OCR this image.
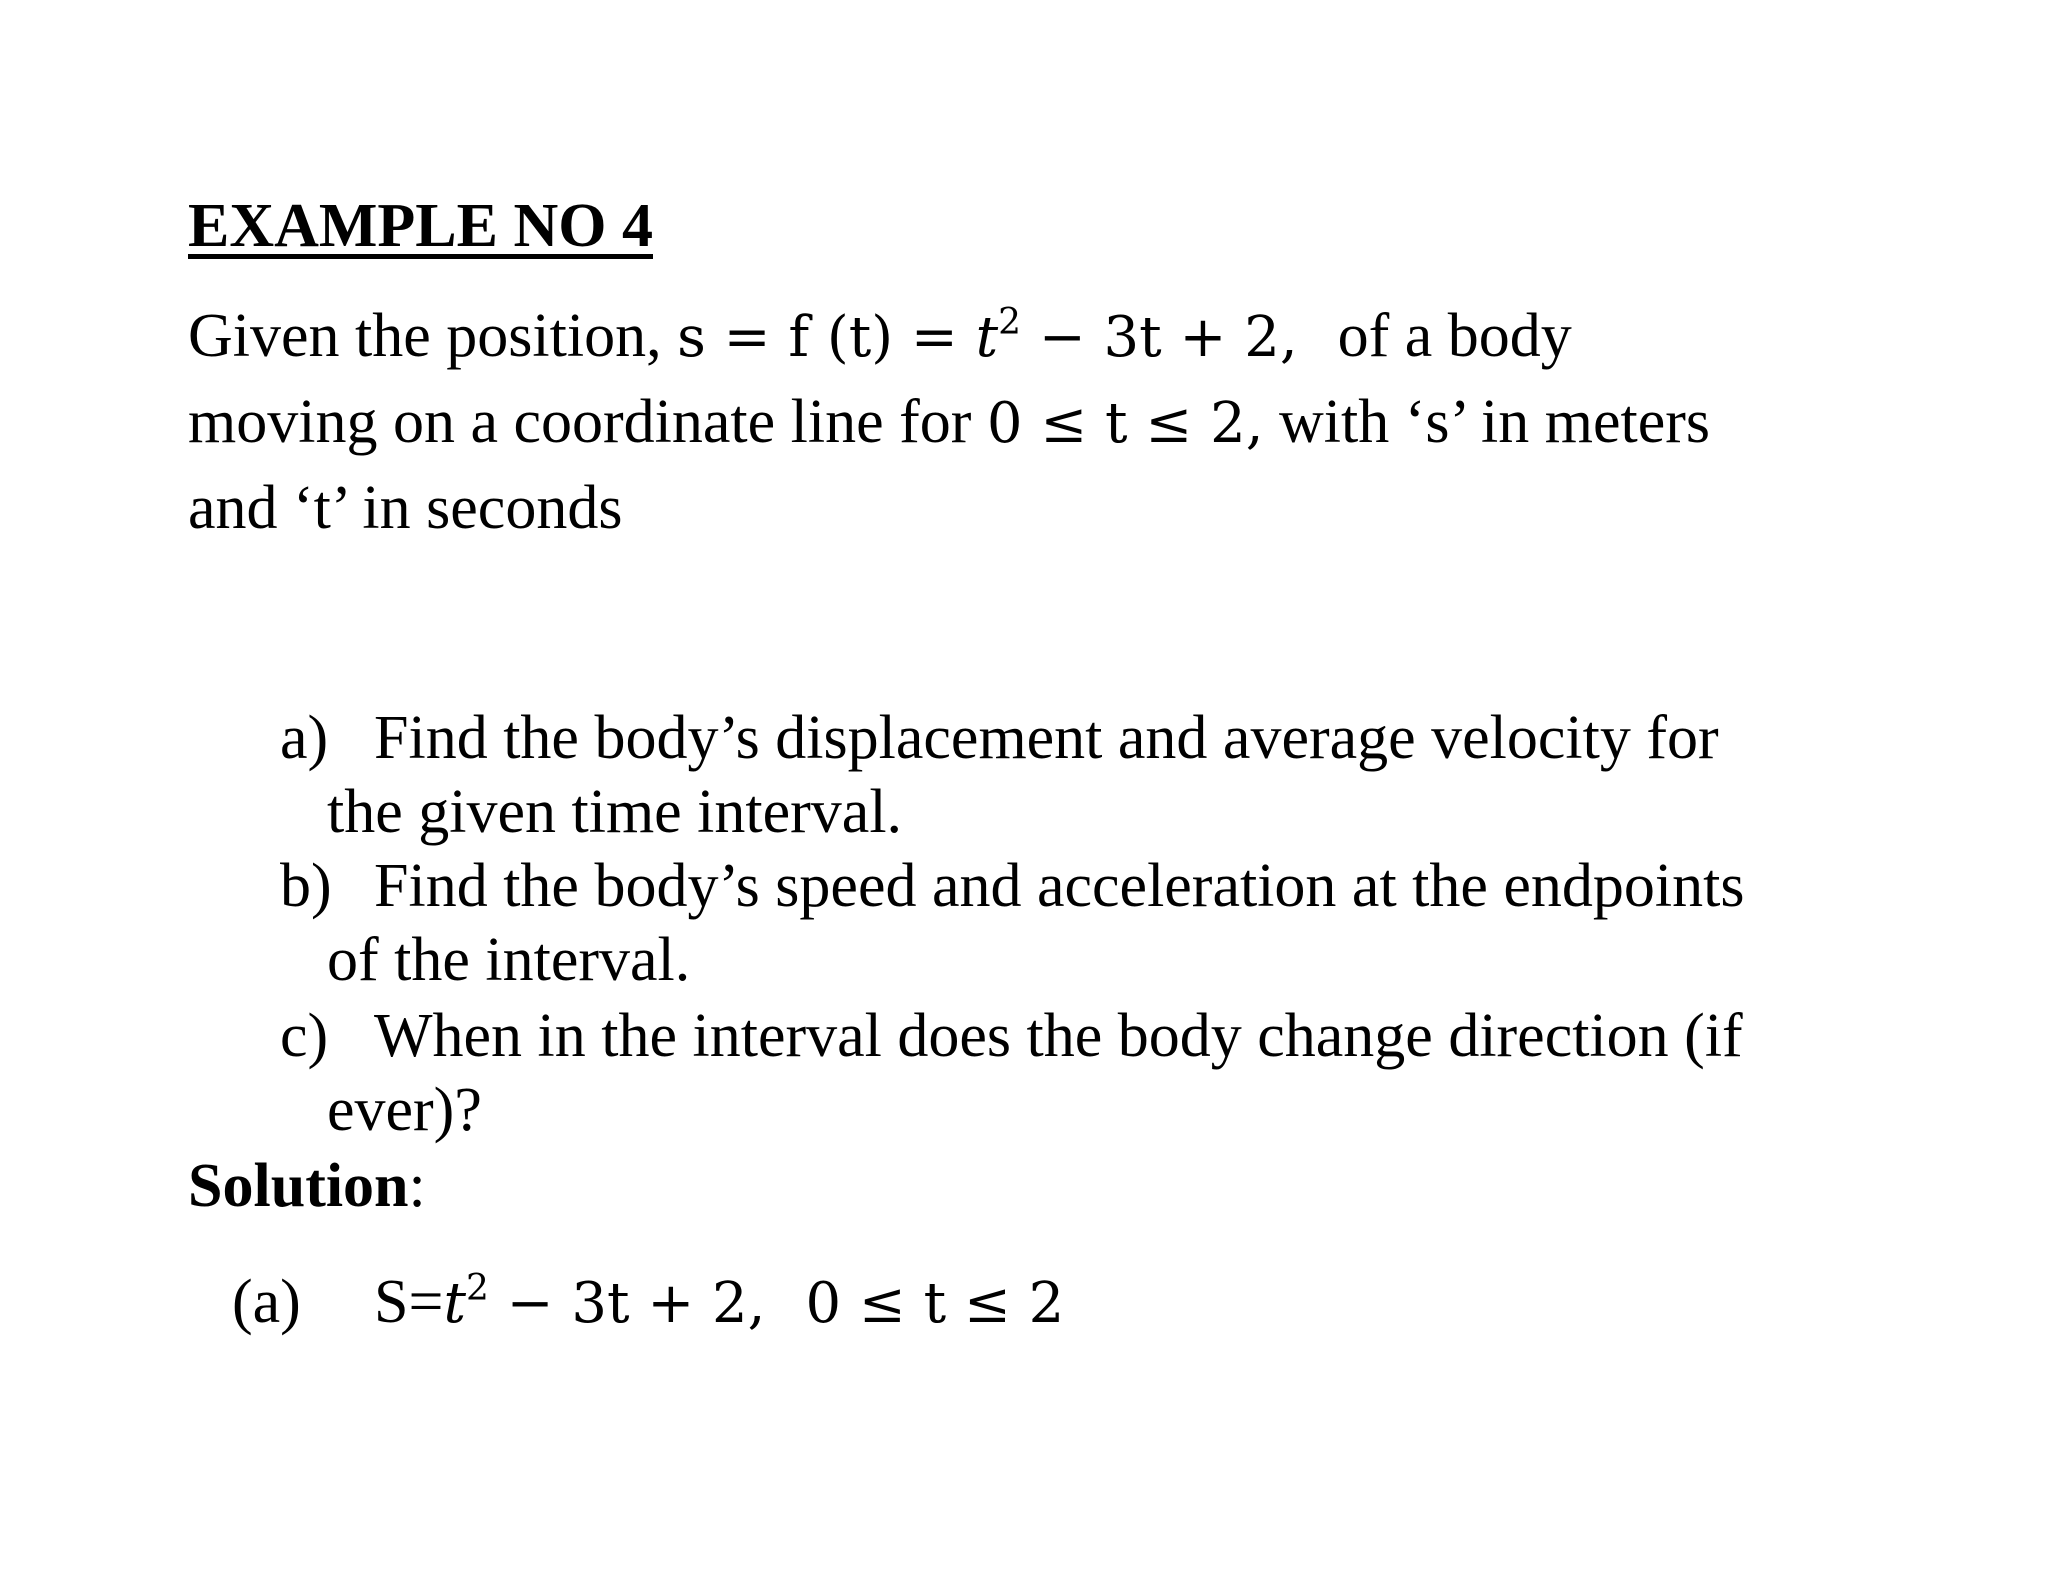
EXAMPLE NO 4
Given the position, s = f $(t) = t^2 - 3t + 2$, of a body
moving on a coordinate line for 0 ≤ t ≤ 2, with ‘s’ in meters
and ‘t’ in seconds
a) Find the body’s displacement and average velocity for
the given time interval.
b) Find the body’s speed and acceleration at the endpoints
of the interval.
c) When in the interval does the body change direction (if
ever)?
Solution:
(a) $S=t^2 - 3t + 2$, 0 ≤ t ≤ 2
